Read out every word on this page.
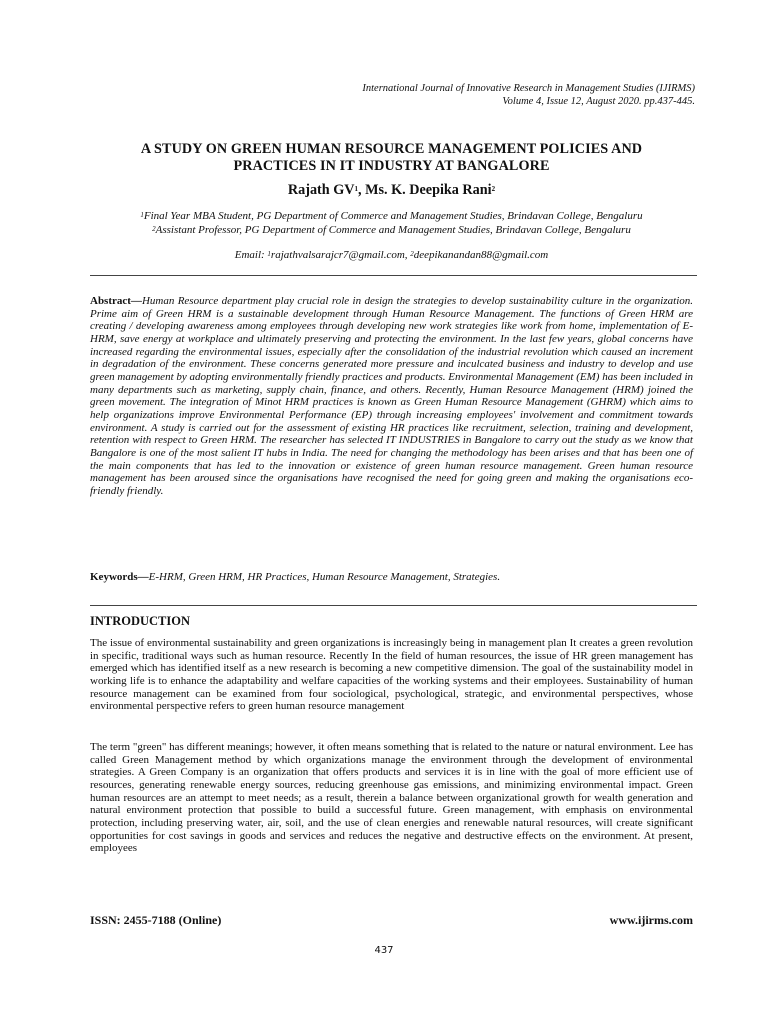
International Journal of Innovative Research in Management Studies (IJIRMS)
Volume 4, Issue 12, August 2020. pp.437-445.
A STUDY ON GREEN HUMAN RESOURCE MANAGEMENT POLICIES AND
PRACTICES IN IT INDUSTRY AT BANGALORE
Rajath $GV^1$, Ms. K. Deepika Rani$^2$
$^1$Final Year MBA Student, PG Department of Commerce and Management Studies, Brindavan College, Bengaluru
$^2$Assistant Professor, PG Department of Commerce and Management Studies, Brindavan College, Bengaluru
Email: $^1$rajathvalsarajcr7@gmail.com, $^2$deepikanandan88@gmail.com
Abstract—Human Resource department play crucial role in design the strategies to develop sustainability culture in the organization. Prime aim of Green HRM is a sustainable development through Human Resource Management. The functions of Green HRM are creating / developing awareness among employees through developing new work strategies like work from home, implementation of E-HRM, save energy at workplace and ultimately preserving and protecting the environment. In the last few years, global concerns have increased regarding the environmental issues, especially after the consolidation of the industrial revolution which caused an increment in degradation of the environment. These concerns generated more pressure and inculcated business and industry to develop and use green management by adopting environmentally friendly practices and products. Environmental Management (EM) has been included in many departments such as marketing, supply chain, finance, and others. Recently, Human Resource Management (HRM) joined the green movement. The integration of Minot HRM practices is known as Green Human Resource Management (GHRM) which aims to help organizations improve Environmental Performance (EP) through increasing employees' involvement and commitment towards environment. A study is carried out for the assessment of existing HR practices like recruitment, selection, training and development, retention with respect to Green HRM. The researcher has selected IT INDUSTRIES in Bangalore to carry out the study as we know that Bangalore is one of the most salient IT hubs in India. The need for changing the methodology has been arises and that has been one of the main components that has led to the innovation or existence of green human resource management. Green human resource management has been aroused since the organisations have recognised the need for going green and making the organisations eco-friendly friendly.
Keywords—E-HRM, Green HRM, HR Practices, Human Resource Management, Strategies.
INTRODUCTION
The issue of environmental sustainability and green organizations is increasingly being in management plan It creates a green revolution in specific, traditional ways such as human resource. Recently In the field of human resources, the issue of HR green management has emerged which has identified itself as a new research is becoming a new competitive dimension. The goal of the sustainability model in working life is to enhance the adaptability and welfare capacities of the working systems and their employees. Sustainability of human resource management can be examined from four sociological, psychological, strategic, and environmental perspectives, whose environmental perspective refers to green human resource management
The term "green" has different meanings; however, it often means something that is related to the nature or natural environment. Lee has called Green Management method by which organizations manage the environment through the development of environmental strategies. A Green Company is an organization that offers products and services it is in line with the goal of more efficient use of resources, generating renewable energy sources, reducing greenhouse gas emissions, and minimizing environmental impact. Green human resources are an attempt to meet needs; as a result, therein a balance between organizational growth for wealth generation and natural environment protection that possible to build a successful future. Green management, with emphasis on environmental protection, including preserving water, air, soil, and the use of clean energies and renewable natural resources, will create significant opportunities for cost savings in goods and services and reduces the negative and destructive effects on the environment. At present, employees
ISSN: 2455-7188 (Online)	www.ijirms.com
437
